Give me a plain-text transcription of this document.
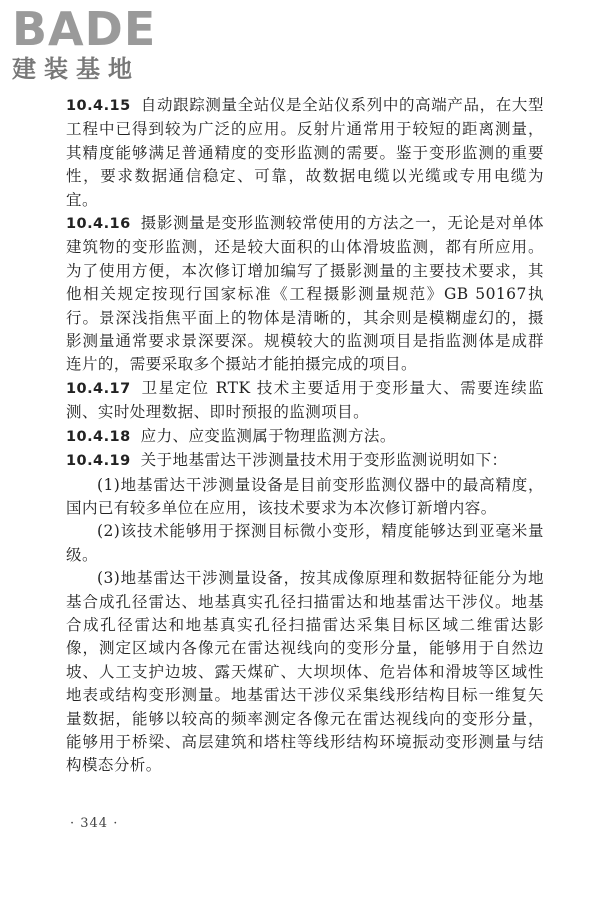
BADE
建装基地

10.4.15 自动跟踪测量全站仪是全站仪系列中的高端产品，在大型工程中已得到较为广泛的应用。反射片通常用于较短的距离测量，其精度能够满足普通精度的变形监测的需要。鉴于变形监测的重要性，要求数据通信稳定、可靠，故数据电缆以光缆或专用电缆为宜。

10.4.16 摄影测量是变形监测较常使用的方法之一，无论是对单体建筑物的变形监测，还是较大面积的山体滑坡监测，都有所应用。为了使用方便，本次修订增加编写了摄影测量的主要技术要求，其他相关规定按现行国家标准《工程摄影测量规范》GB 50167执行。景深浅指焦平面上的物体是清晰的，其余则是模糊虚幻的，摄影测量通常要求景深要深。规模较大的监测项目是指监测体是成群连片的，需要采取多个摄站才能拍摄完成的项目。

10.4.17 卫星定位 RTK 技术主要适用于变形量大、需要连续监测、实时处理数据、即时预报的监测项目。

10.4.18 应力、应变监测属于物理监测方法。

10.4.19 关于地基雷达干涉测量技术用于变形监测说明如下：

(1)地基雷达干涉测量设备是目前变形监测仪器中的最高精度，国内已有较多单位在应用，该技术要求为本次修订新增内容。

(2)该技术能够用于探测目标微小变形，精度能够达到亚毫米量级。

(3)地基雷达干涉测量设备，按其成像原理和数据特征能分为地基合成孔径雷达、地基真实孔径扫描雷达和地基雷达干涉仪。地基合成孔径雷达和地基真实孔径扫描雷达采集目标区域二维雷达影像，测定区域内各像元在雷达视线向的变形分量，能够用于自然边坡、人工支护边坡、露天煤矿、大坝坝体、危岩体和滑坡等区域性地表或结构变形测量。地基雷达干涉仪采集线形结构目标一维复矢量数据，能够以较高的频率测定各像元在雷达视线向的变形分量，能够用于桥梁、高层建筑和塔柱等线形结构环境振动变形测量与结构模态分析。

· 344 ·
